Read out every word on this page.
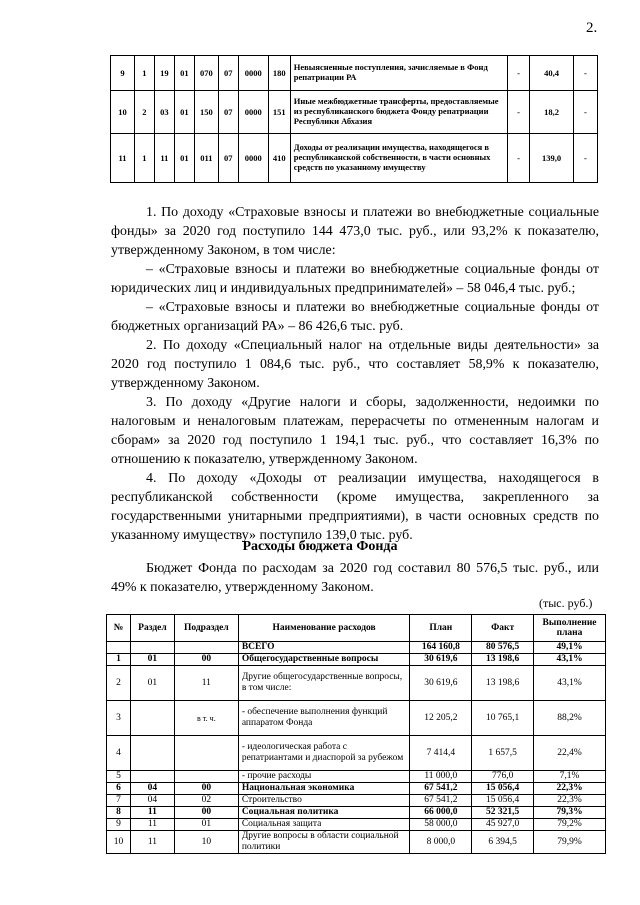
2.
9	1	19	01	070	07	0000	180	Невыясненные поступления, зачисляемые в Фонд репатриации РА	-	40,4	-
10	2	03	01	150	07	0000	151	Иные межбюджетные трансферты, предоставляемые из республиканского бюджета Фонду репатриации Республики Абхазия	-	18,2	-
11	1	11	01	011	07	0000	410	Доходы от реализации имущества, находящегося в республиканской собственности, в части основных средств по указанному имуществу	-	139,0	-

1. По доходу «Страховые взносы и платежи во внебюджетные социальные фонды» за 2020 год поступило 144 473,0 тыс. руб., или 93,2% к показателю, утвержденному Законом, в том числе:

– «Страховые взносы и платежи во внебюджетные социальные фонды от юридических лиц и индивидуальных предпринимателей» – 58 046,4 тыс. руб.;

– «Страховые взносы и платежи во внебюджетные социальные фонды от бюджетных организаций РА» – 86 426,6 тыс. руб.

2. По доходу «Специальный налог на отдельные виды деятельности» за 2020 год поступило 1 084,6 тыс. руб., что составляет 58,9% к показателю, утвержденному Законом.

3. По доходу «Другие налоги и сборы, задолженности, недоимки по налоговым и неналоговым платежам, перерасчеты по отмененным налогам и сборам» за 2020 год поступило 1 194,1 тыс. руб., что составляет 16,3% по отношению к показателю, утвержденному Законом.

4. По доходу «Доходы от реализации имущества, находящегося в республиканской собственности (кроме имущества, закрепленного за государственными унитарными предприятиями), в части основных средств по указанному имуществу» поступило 139,0 тыс. руб.

Расходы бюджета Фонда

Бюджет Фонда по расходам за 2020 год составил 80 576,5 тыс. руб., или 49% к показателю, утвержденному Законом.

(тыс. руб.)
№	Раздел	Подраздел	Наименование расходов	План	Факт	Выполнение плана
			ВСЕГО	164 160,8	80 576,5	49,1%
1	01	00	Общегосударственные вопросы	30 619,6	13 198,6	43,1%
2	01	11	Другие общегосударственные вопросы, в том числе:	30 619,6	13 198,6	43,1%
3		в т. ч.	- обеспечение выполнения функций аппаратом Фонда	12 205,2	10 765,1	88,2%
4			- идеологическая работа с репатриантами и диаспорой за рубежом	7 414,4	1 657,5	22,4%
5			- прочие расходы	11 000,0	776,0	7,1%
6	04	00	Национальная экономика	67 541,2	15 056,4	22,3%
7	04	02	Строительство	67 541,2	15 056,4	22,3%
8	11	00	Социальная политика	66 000,0	52 321,5	79,3%
9	11	01	Социальная защита	58 000,0	45 927,0	79,2%
10	11	10	Другие вопросы в области социальной политики	8 000,0	6 394,5	79,9%
